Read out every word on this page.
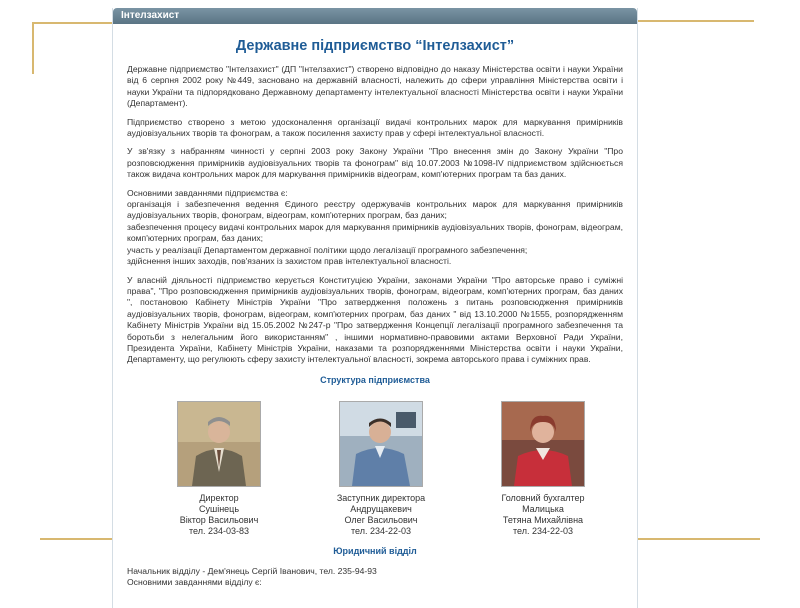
Інтелзахист
Державне підприємство “Інтелзахист”

Державне підприємство "Інтелзахист" (ДП "Інтелзахист") створено відповідно до наказу Міністерства освіти і науки України від 6 серпня 2002 року №449, засновано на державній власності, належить до сфери управління Міністерства освіти і науки України та підпорядковано Державному департаменту інтелектуальної власності Міністерства освіти і науки України (Департамент).

Підприємство створено з метою удосконалення організації видачі контрольних марок для маркування примірників аудіовізуальних творів та фонограм, а також посилення захисту прав у сфері інтелектуальної власності.

У зв'язку з набранням чинності у серпні 2003 року Закону України "Про внесення змін до Закону України "Про розповсюдження примірників аудіовізуальних творів та фонограм" від 10.07.2003 №1098-IV підприємством здійснюється також видача контрольних марок для маркування примірників відеограм, комп'ютерних програм та баз даних.

Основними завданнями підприємства є:
організація і забезпечення ведення Єдиного реєстру одержувачів контрольних марок для маркування примірників аудіовізуальних творів, фонограм, відеограм, комп'ютерних програм, баз даних;
забезпечення процесу видачі контрольних марок для маркування примірників аудіовізуальних творів, фонограм, відеограм, комп'ютерних програм, баз даних;
участь у реалізації Департаментом державної політики щодо легалізації програмного забезпечення;
здійснення інших заходів, пов'язаних із захистом прав інтелектуальної власності.

У власній діяльності підприємство керується Конституцією України, законами України "Про авторське право і суміжні права", "Про розповсюдження примірників аудіовізуальних творів, фонограм, відеограм, комп'ютерних програм, баз даних ", постановою Кабінету Міністрів України "Про затвердження положень з питань розповсюдження примірників аудіовізуальних творів, фонограм, відеограм, комп'ютерних програм, баз даних " від 13.10.2000 №1555, розпорядженням Кабінету Міністрів України від 15.05.2002 №247-р "Про затвердження Концепції легалізації програмного забезпечення та боротьби з нелегальним його використанням" , іншими нормативно-правовими актами Верховної Ради України, Президента України, Кабінету Міністрів України, наказами та розпорядженнями Міністерства освіти і науки України, Департаменту, що регулюють сферу захисту інтелектуальної власності, зокрема авторського права і суміжних прав.

Структура підприємства
Директор
Сушінець
Віктор Васильович
тел. 234-03-83
Заступник директора
Андрущакевич
Олег Васильович
тел. 234-22-03
Головний бухгалтер
Малицька
Тетяна Михайлівна
тел. 234-22-03
Юридичний відділ
Начальник відділу - Дем'янець Сергій Іванович, тел. 235-94-93
Основними завданнями відділу є:
